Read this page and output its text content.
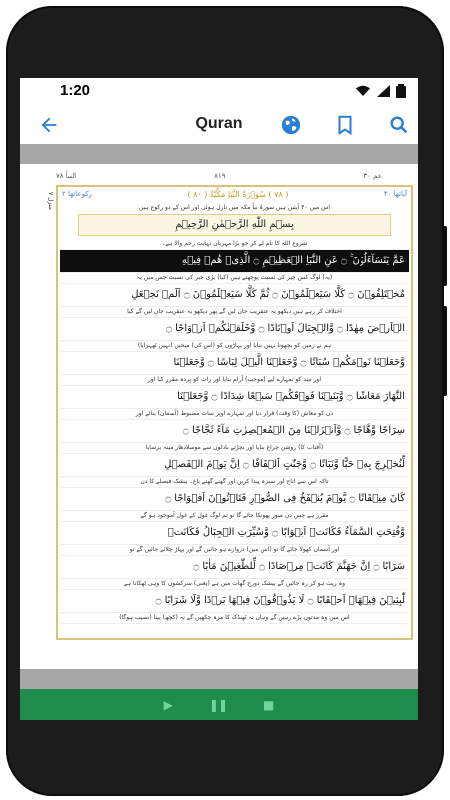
1:20
Quran
عم ۳۰
۸۱۹
النبأ ۷۸
منزل ۷
آياتها ۴۰
( ۷۸ ) سُوۡرَةُ النَّبَاِ مَكِّيَّةٌ ( ۸۰ )
رکوعاتها ۲
اس میں ۴۰ آیتیں ہیں سورۂ نبأ مکہ میں نازل ہوئی اور اس کے دو رکوع ہیں
بِسۡمِ اللّٰهِ الرَّحۡمٰنِ الرَّحِيۡمِ
شروع اللہ کا نام لے کر جو بڑا مہربان نہایت رحم والا ہے۔
عَمَّ يَتَسَآءَلُوۡنَ ۚ ۝ عَنِ النَّبَاِ الۡعَظِيۡمِ ۝ الَّذِىۡ هُمۡ فِيۡهِ
(یہ) لوگ کس چیز کی نسبت پوچھتے ہیں (کیا) بڑی خبر کی نسبت جس میں یہ
مُخۡتَلِفُوۡنَ ۝ كَلَّا سَيَعۡلَمُوۡنَ ۝ ثُمَّ كَلَّا سَيَعۡلَمُوۡنَ ۝ اَلَمۡ نَجۡعَلِ
اختلاف کر رہے ہیں دیکھو یہ عنقریب جان لیں گے پھر دیکھو یہ عنقریب جان لیں گے کیا
الۡاَرۡضَ مِهٰدًا ۝ وَّالۡجِبَالَ اَوۡتَادًا ۝ وَّخَلَقۡنٰكُمۡ اَزۡوَاجًا ۝
ہم نے زمین کو بچھونا نہیں بنایا اور پہاڑوں کو (اس کی) میخیں (نہیں ٹھہرایا)
وَّجَعَلۡنَا نَوۡمَكُمۡ سُبَاتًا ۝ وَّجَعَلۡنَا الَّيۡلَ لِبَاسًا ۝ وَّجَعَلۡنَا
اور نیند کو تمہارے لیے (موجب) آرام بنایا اور رات کو پردہ مقرر کیا اور
النَّهَارَ مَعَاشًا ۝ وَّبَنَيۡنَا فَوۡقَكُمۡ سَبۡعًا شِدَادًا ۝ وَّجَعَلۡنَا
دن کو معاش (کا وقت) قرار دیا اور تمہارے اوپر سات مضبوط (آسمان) بنائے اور
سِرَاجًا وَّهَّاجًا ۝ وَّاَنۡزَلۡنَا مِنَ الۡمُعۡصِرٰتِ مَآءً ثَجَّاجًا ۝
(آفتاب کا) روشن چراغ بنایا اور نچڑتے بادلوں سے موسلادھار مینہ برسایا
لِّنُخۡرِجَ بِهٖ حَبًّا وَّنَبَاتًا ۝ وَّجَنّٰتٍ اَلۡفَافًا ۝ اِنَّ يَوۡمَ الۡفَصۡلِ
تاکہ اس سے اناج اور سبزہ پیدا کریں اور گھنے گھنے باغ۔ بیشک فیصلے کا دن
كَانَ مِيۡقَاتًا ۝ يَّوۡمَ يُنۡفَخُ فِى الصُّوۡرِ فَتَاۡتُوۡنَ اَفۡوَاجًا ۝
مقرر ہے جس دن صور پھونکا جائے گا تو تم لوگ غول کے غول آموجود ہو گے
وَّفُتِحَتِ السَّمَآءُ فَكَانَتۡ اَبۡوَابًا ۝ وَّسُيِّرَتِ الۡجِبَالُ فَكَانَتۡ
اور آسمان کھولا جائے گا تو (اس میں) دروازے ہو جائیں گے اور پہاڑ چلائے جائیں گے تو
سَرَابًا ۝ اِنَّ جَهَنَّمَ كَانَتۡ مِرۡصَادًا ۝ لِّلطّٰغِيۡنَ مَاٰبًا ۝
وہ ریت ہو کر رہ جائیں گے بیشک دوزخ گھات میں ہے (یعنی) سرکشوں کا وہی ٹھکانا ہے
لّٰبِثِيۡنَ فِيۡهَاۤ اَحۡقَابًا ۝ لَا يَذُوۡقُوۡنَ فِيۡهَا بَرۡدًا وَّلَا شَرَابًا ۝
اس میں وہ مدتوں پڑے رہیں گے وہاں نہ ٹھنڈک کا مزہ چکھیں گے نہ (کچھ) پینا (نصیب ہوگا)
▶	❚❚	■
